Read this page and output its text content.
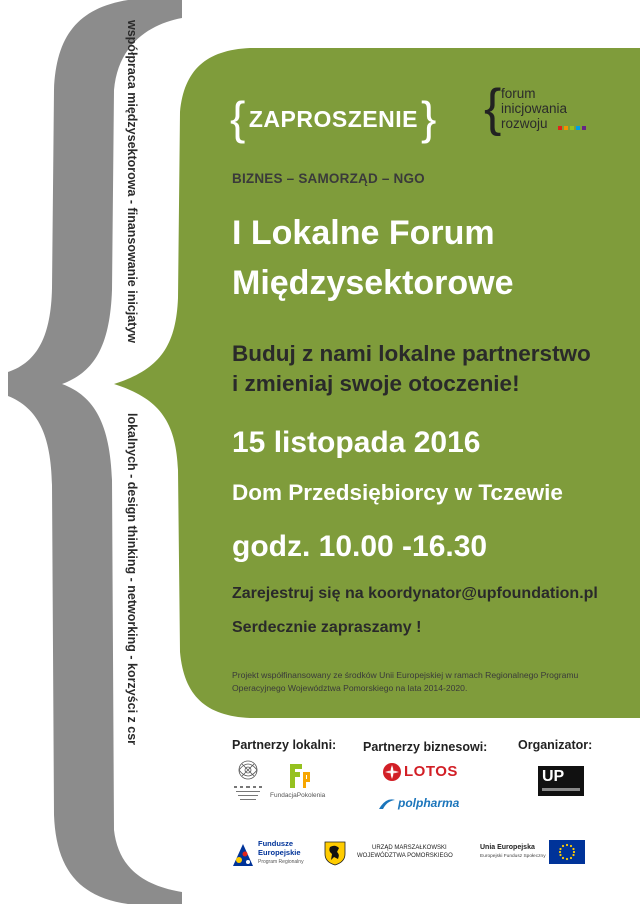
współpraca międzysektorowa - finansowanie inicjatyw
lokalnych - design thinking - networking - korzyści z csr
{ ZAPROSZENIE} { forum
inicjowania
rozwoju
BIZNES – SAMORZĄD – NGO
I Lokalne Forum
Międzysektorowe
Buduj z nami lokalne partnerstwo
i zmieniaj swoje otoczenie!
15 listopada 2016
Dom Przedsiębiorcy w Tczewie
godz. 10.00 -16.30
Zarejestruj się na koordynator@upfoundation.pl
Serdecznie zapraszamy !
Projekt współfinansowany ze środków Unii Europejskiej w ramach Regionalnego Programu
Operacyjnego Województwa Pomorskiego na lata 2014-2020.
Partnerzy lokalni: Partnerzy biznesowi: Organizator:
FundacjaPokolenia
LOTOS
polpharma
UP
Fundusze
Europejskie
Program Regionalny
URZĄD MARSZAŁKOWSKI
WOJEWÓDZTWA POMORSKIEGO
Unia Europejska
Europejski Fundusz Społeczny
